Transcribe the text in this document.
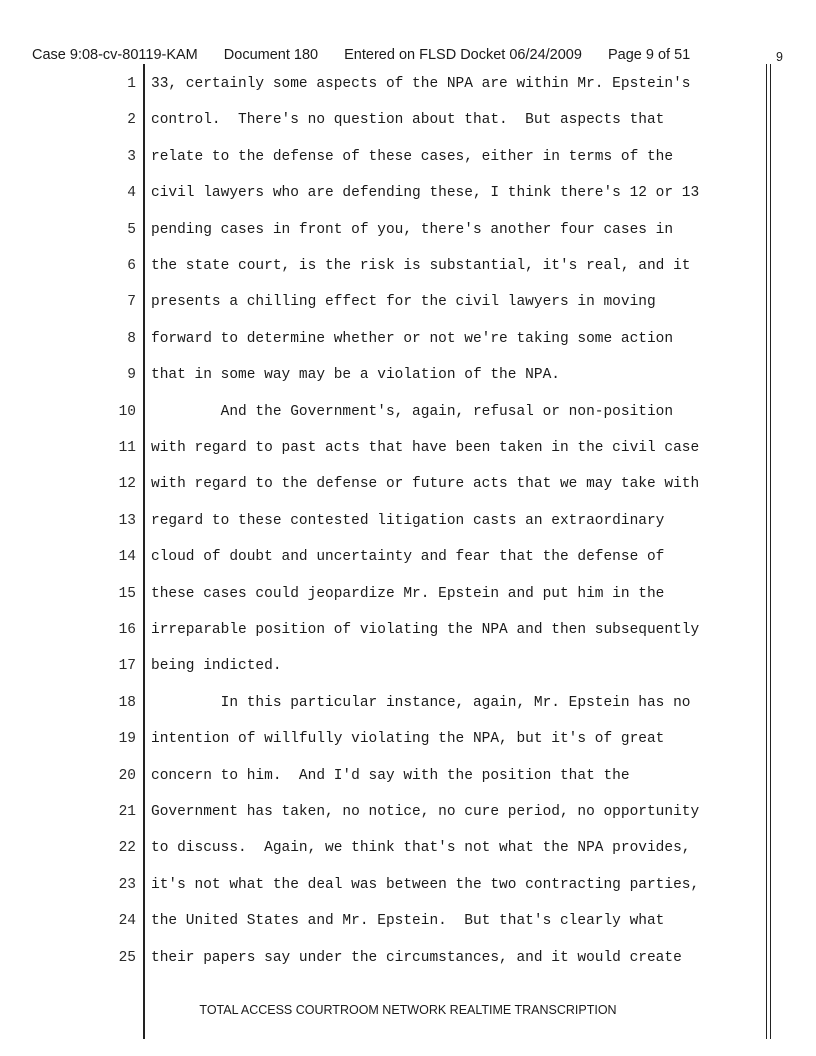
Case 9:08-cv-80119-KAM Document 180 Entered on FLSD Docket 06/24/2009 Page 9 of 51	9
1 33, certainly some aspects of the NPA are within Mr. Epstein's
2 control.  There's no question about that.  But aspects that
3 relate to the defense of these cases, either in terms of the
4 civil lawyers who are defending these, I think there's 12 or 13
5 pending cases in front of you, there's another four cases in
6 the state court, is the risk is substantial, it's real, and it
7 presents a chilling effect for the civil lawyers in moving
8 forward to determine whether or not we're taking some action
9 that in some way may be a violation of the NPA.
10 And the Government's, again, refusal or non-position
11 with regard to past acts that have been taken in the civil case
12 with regard to the defense or future acts that we may take with
13 regard to these contested litigation casts an extraordinary
14 cloud of doubt and uncertainty and fear that the defense of
15 these cases could jeopardize Mr. Epstein and put him in the
16 irreparable position of violating the NPA and then subsequently
17 being indicted.
18 In this particular instance, again, Mr. Epstein has no
19 intention of willfully violating the NPA, but it's of great
20 concern to him.  And I'd say with the position that the
21 Government has taken, no notice, no cure period, no opportunity
22 to discuss.  Again, we think that's not what the NPA provides,
23 it's not what the deal was between the two contracting parties,
24 the United States and Mr. Epstein.  But that's clearly what
25 their papers say under the circumstances, and it would create
TOTAL ACCESS COURTROOM NETWORK REALTIME TRANSCRIPTION
